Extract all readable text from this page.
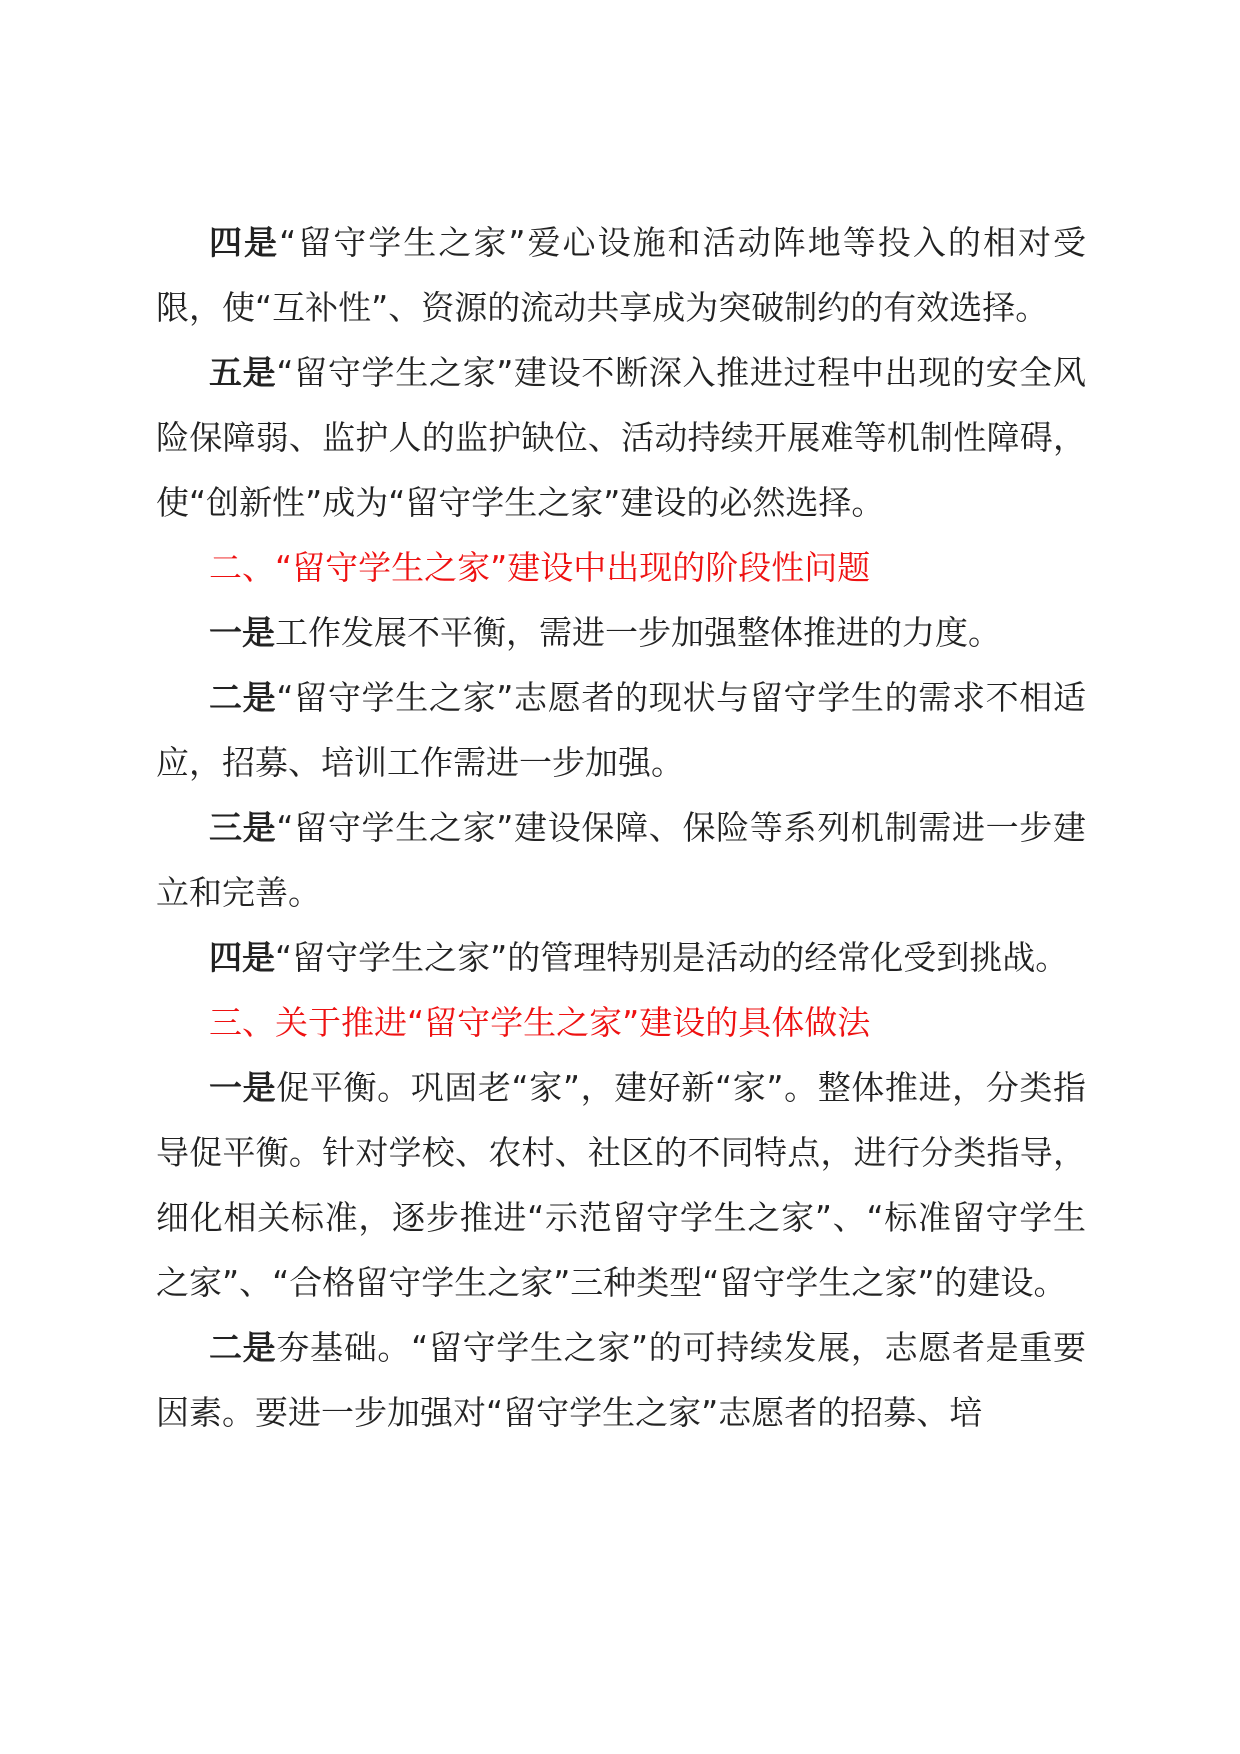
四是“留守学生之家”爱心设施和活动阵地等投入的相对受限，使“互补性”、资源的流动共享成为突破制约的有效选择。

五是“留守学生之家”建设不断深入推进过程中出现的安全风险保障弱、监护人的监护缺位、活动持续开展难等机制性障碍，使“创新性”成为“留守学生之家”建设的必然选择。

二、“留守学生之家”建设中出现的阶段性问题

一是工作发展不平衡，需进一步加强整体推进的力度。

二是“留守学生之家”志愿者的现状与留守学生的需求不相适应，招募、培训工作需进一步加强。

三是“留守学生之家”建设保障、保险等系列机制需进一步建立和完善。

四是“留守学生之家”的管理特别是活动的经常化受到挑战。

三、关于推进“留守学生之家”建设的具体做法

一是促平衡。巩固老“家”，建好新“家”。整体推进，分类指导促平衡。针对学校、农村、社区的不同特点，进行分类指导，细化相关标准，逐步推进“示范留守学生之家”、“标准留守学生之家”、“合格留守学生之家”三种类型“留守学生之家”的建设。

二是夯基础。“留守学生之家”的可持续发展，志愿者是重要因素。要进一步加强对“留守学生之家”志愿者的招募、培
